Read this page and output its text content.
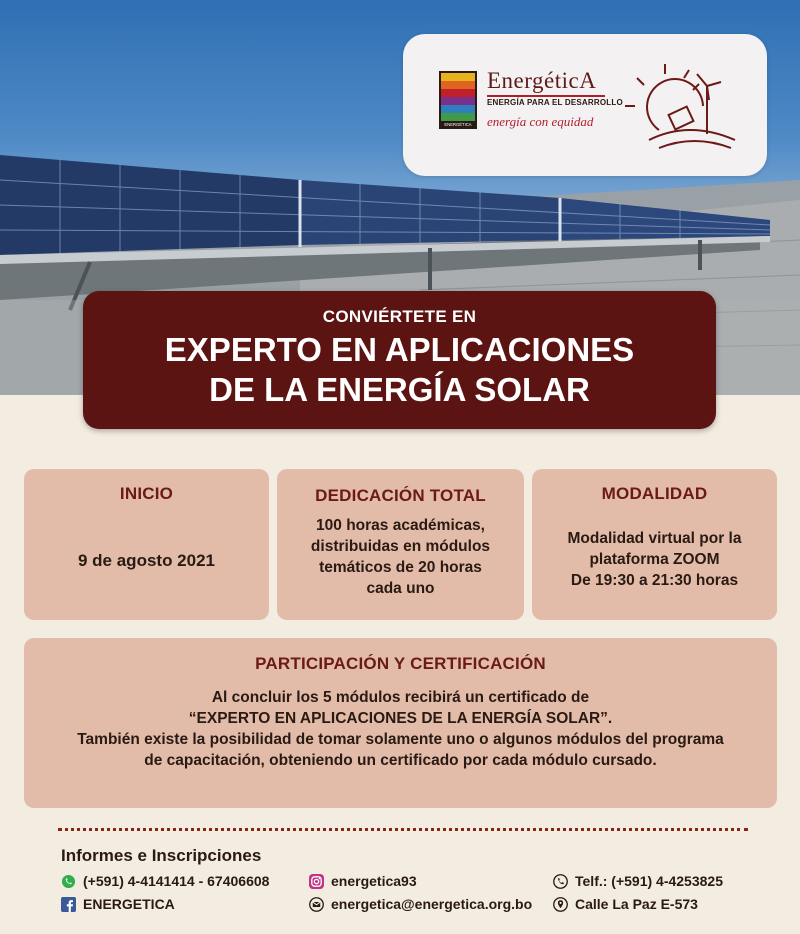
ENERGÉTICA
EnergéticA
ENERGÍA PARA EL DESARROLLO
energía con equidad
CONVIÉRTETE EN
EXPERTO EN APLICACIONES
DE LA ENERGÍA SOLAR
INICIO
9 de agosto 2021
DEDICACIÓN TOTAL
100 horas académicas,
distribuidas en módulos
temáticos de 20 horas
cada uno
MODALIDAD
Modalidad virtual por la
plataforma ZOOM
De 19:30 a 21:30 horas
PARTICIPACIÓN Y CERTIFICACIÓN
Al concluir los 5 módulos recibirá un certificado de
“EXPERTO EN APLICACIONES DE LA ENERGÍA SOLAR”.
También existe la posibilidad de tomar solamente uno o algunos módulos del programa
de capacitación, obteniendo un certificado por cada módulo cursado.
Informes e Inscripciones
(+591) 4-4141414 - 67406608
ENERGETICA
energetica93
energetica@energetica.org.bo
Telf.: (+591) 4-4253825
Calle La Paz E-573
